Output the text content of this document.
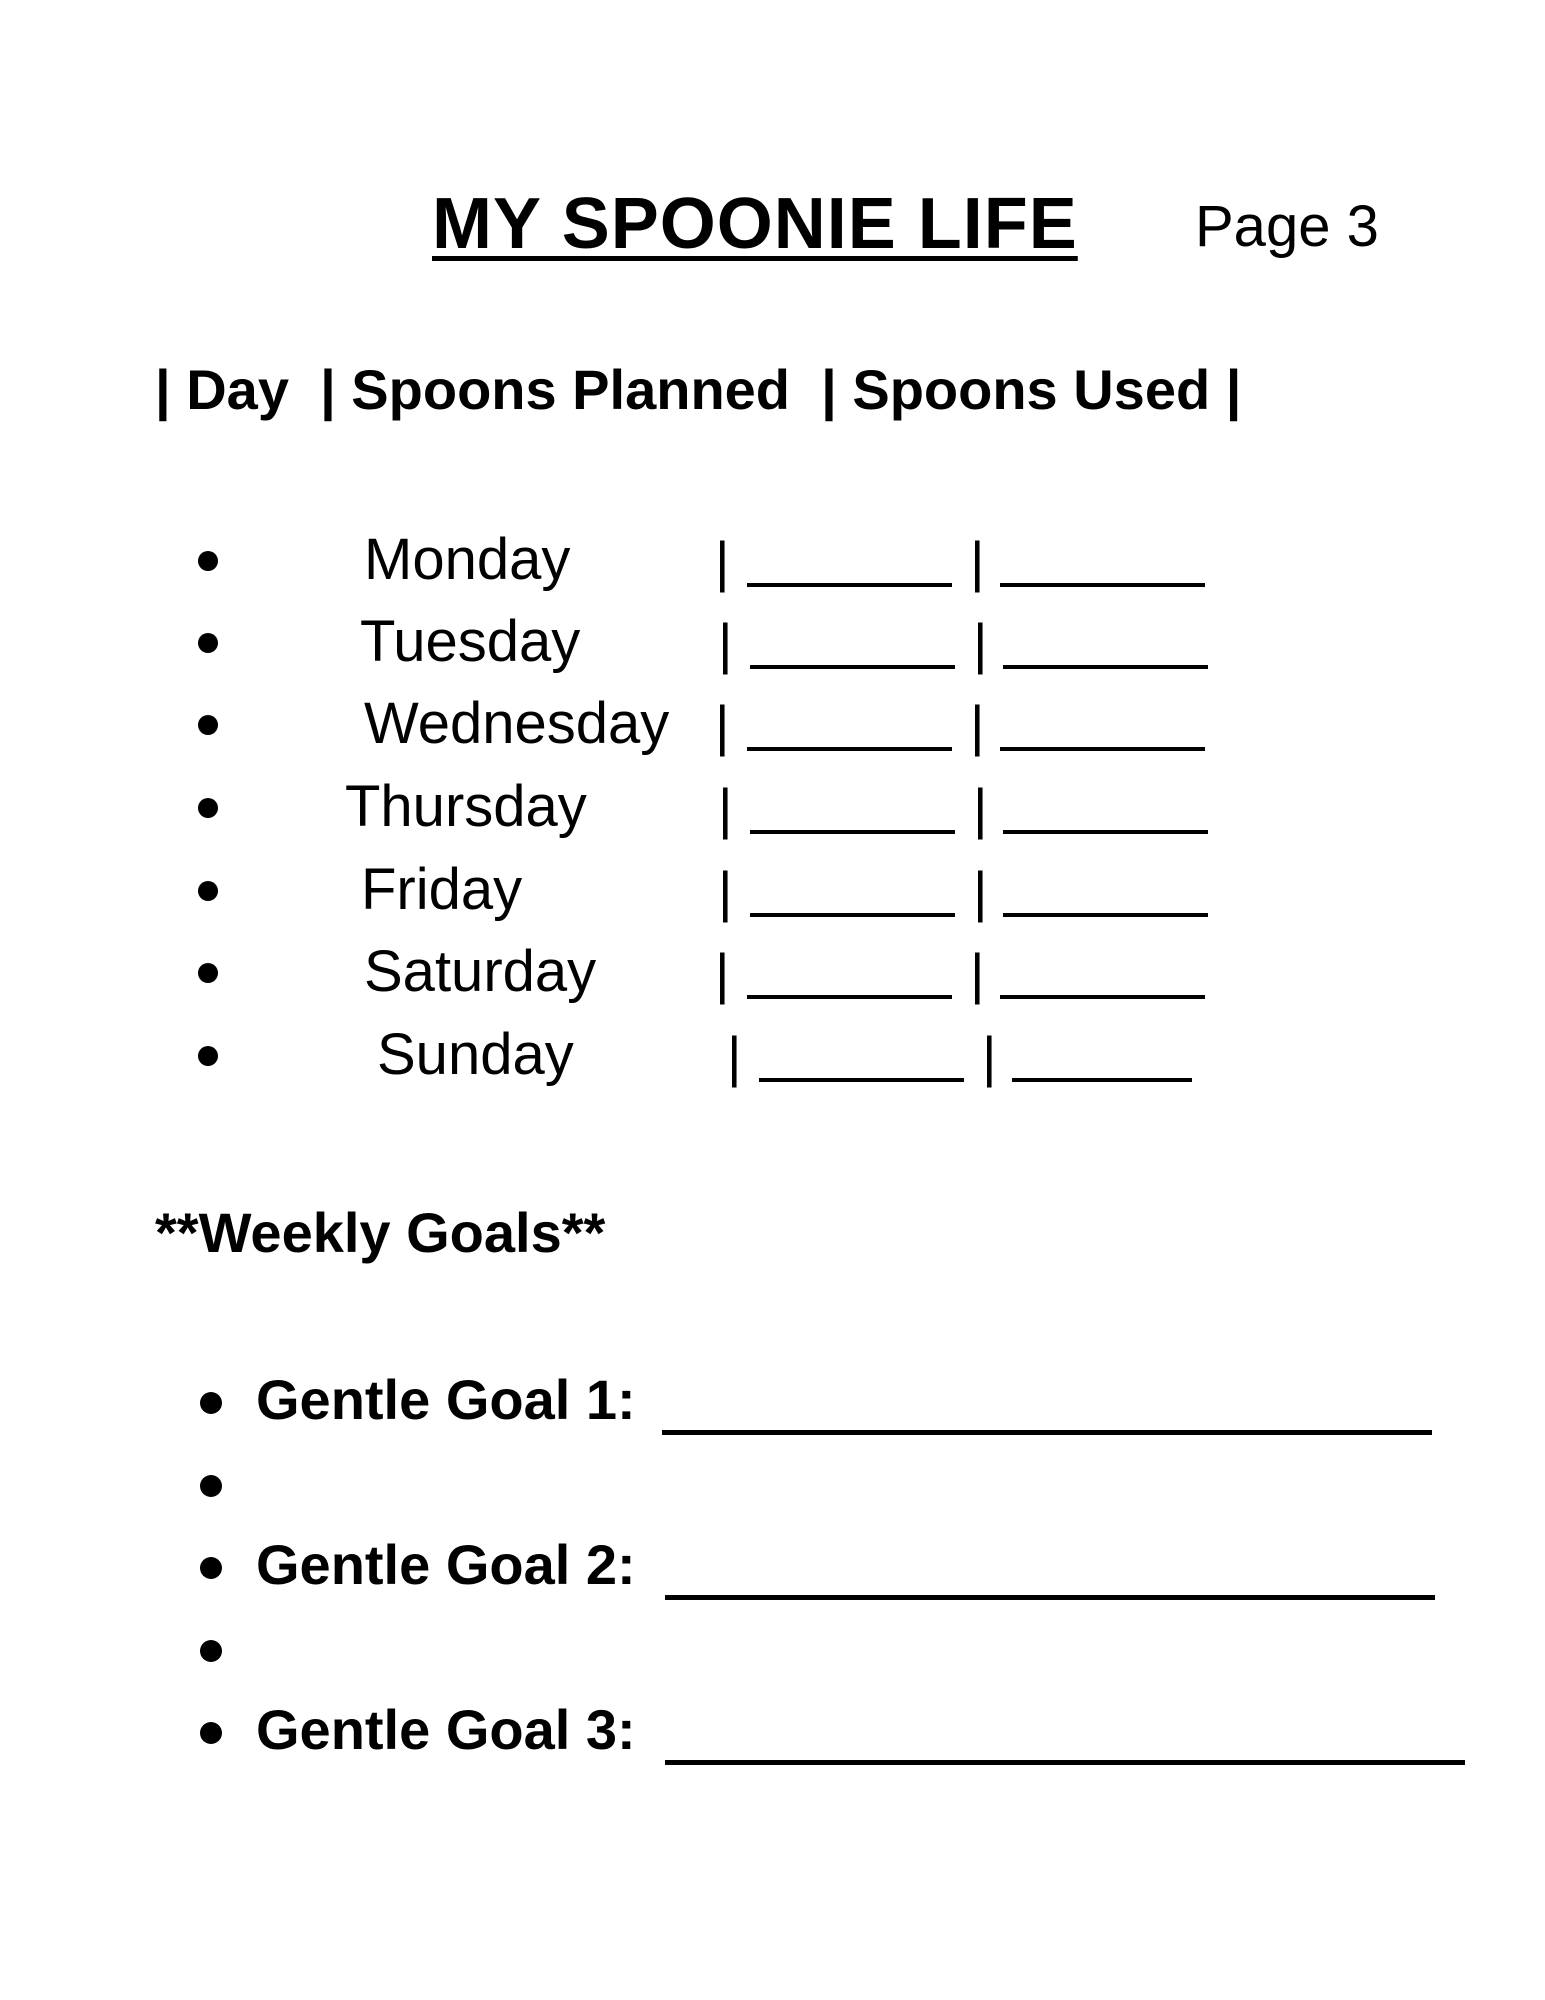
MY SPOONIE LIFE Page 3
| Day  | Spoons Planned  | Spoons Used |
Monday	|	|
Tuesday |	|
Wednesday |	|
Thursday |	|
Friday	|	|
Saturday |	|
Sunday	|	|
**Weekly Goals**
Gentle Goal 1:
Gentle Goal 2:
Gentle Goal 3:
